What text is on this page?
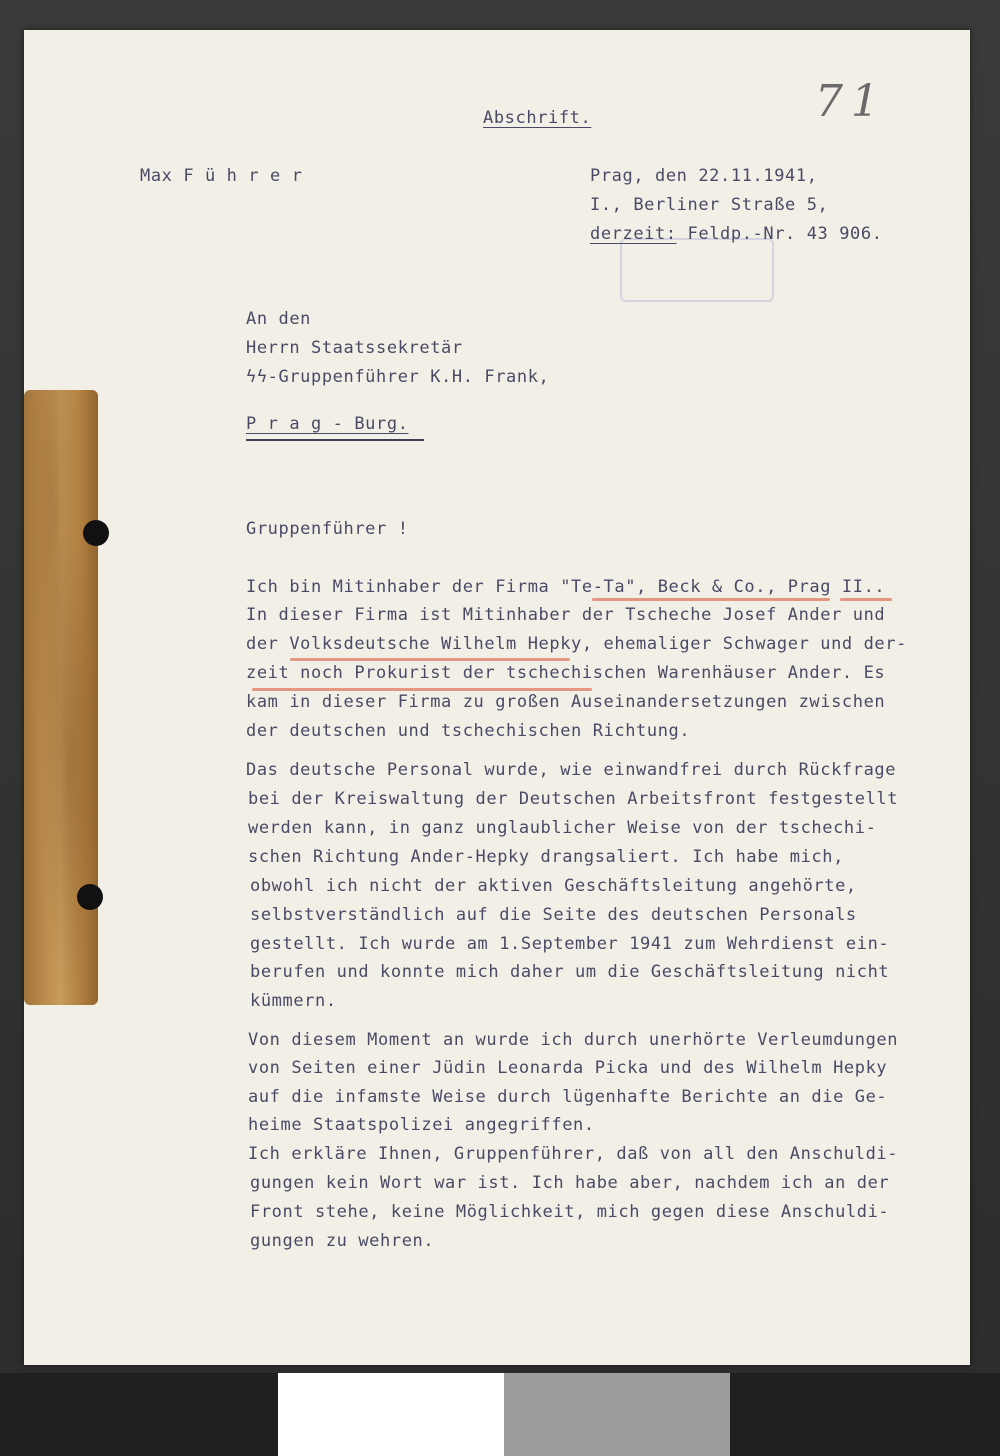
71
Abschrift.
Max F ü h r e r	Prag, den 22.11.1941,
I., Berliner Straße 5,
derzeit: Feldp.-Nr. 43 906.
An den
Herrn Staatssekretär
ϟϟ-Gruppenführer K.H. Frank,
P r a g - Burg.
Gruppenführer !
Ich bin Mitinhaber der Firma "Te-Ta", Beck & Co., Prag II..
In dieser Firma ist Mitinhaber der Tscheche Josef Ander und
der Volksdeutsche Wilhelm Hepky, ehemaliger Schwager und der-
zeit noch Prokurist der tschechischen Warenhäuser Ander. Es
kam in dieser Firma zu großen Auseinandersetzungen zwischen
der deutschen und tschechischen Richtung.
Das deutsche Personal wurde, wie einwandfrei durch Rückfrage
bei der Kreiswaltung der Deutschen Arbeitsfront festgestellt
werden kann, in ganz unglaublicher Weise von der tschechi-
schen Richtung Ander-Hepky drangsaliert. Ich habe mich,
obwohl ich nicht der aktiven Geschäftsleitung angehörte,
selbstverständlich auf die Seite des deutschen Personals
gestellt. Ich wurde am 1.September 1941 zum Wehrdienst ein-
berufen und konnte mich daher um die Geschäftsleitung nicht
kümmern.
Von diesem Moment an wurde ich durch unerhörte Verleumdungen
von Seiten einer Jüdin Leonarda Picka und des Wilhelm Hepky
auf die infamste Weise durch lügenhafte Berichte an die Ge-
heime Staatspolizei angegriffen.
Ich erkläre Ihnen, Gruppenführer, daß von all den Anschuldi-
gungen kein Wort war ist. Ich habe aber, nachdem ich an der
Front stehe, keine Möglichkeit, mich gegen diese Anschuldi-
gungen zu wehren.
